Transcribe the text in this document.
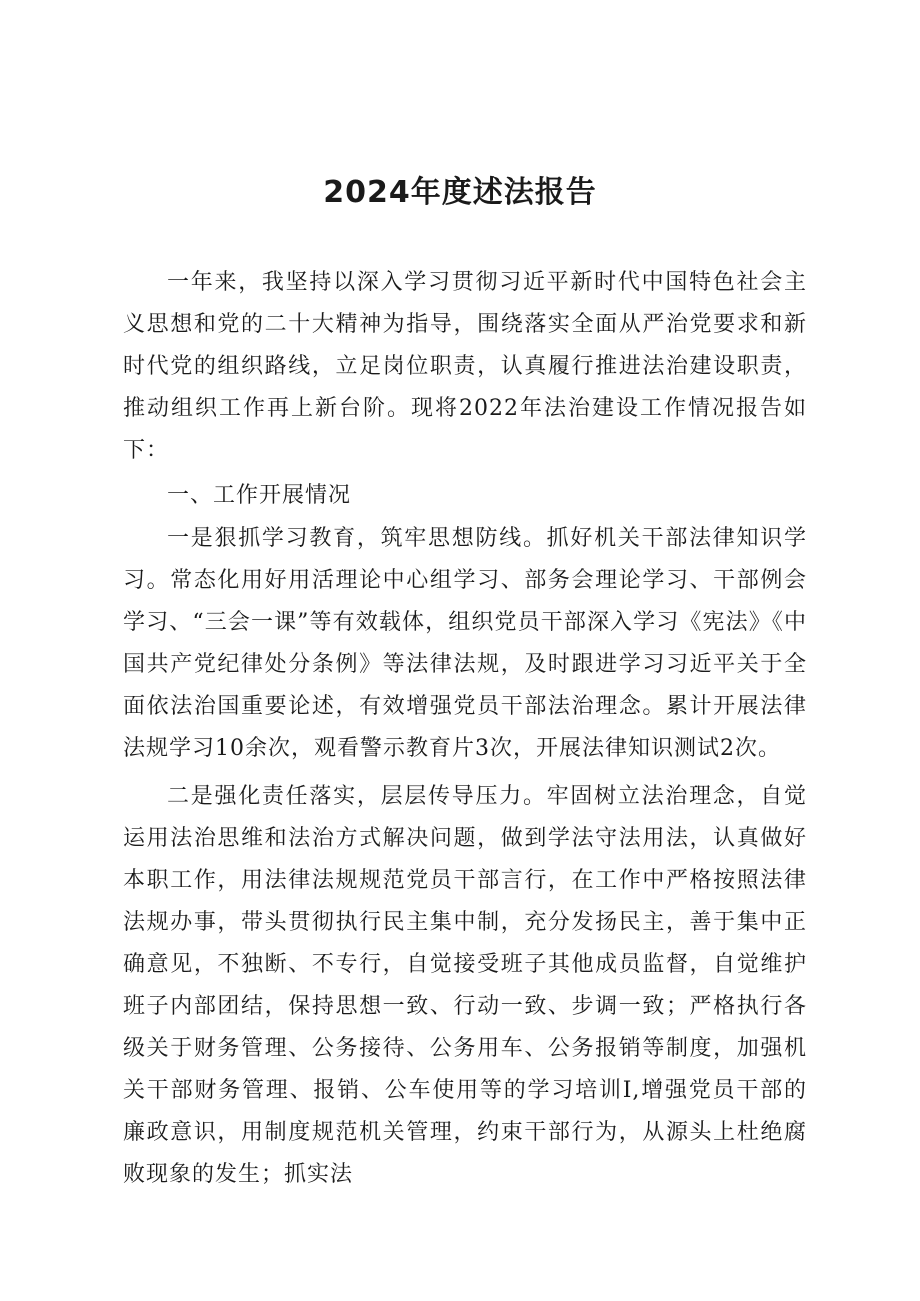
2024年度述法报告

一年来，我坚持以深入学习贯彻习近平新时代中国特色社会主义思想和党的二十大精神为指导，围绕落实全面从严治党要求和新时代党的组织路线，立足岗位职责，认真履行推进法治建设职责，推动组织工作再上新台阶。现将2022年法治建设工作情况报告如下：

一、工作开展情况

一是狠抓学习教育，筑牢思想防线。抓好机关干部法律知识学习。常态化用好用活理论中心组学习、部务会理论学习、干部例会学习、“三会一课”等有效载体，组织党员干部深入学习《宪法》《中国共产党纪律处分条例》等法律法规，及时跟进学习习近平关于全面依法治国重要论述，有效增强党员干部法治理念。累计开展法律法规学习10余次，观看警示教育片3次，开展法律知识测试2次。

二是强化责任落实，层层传导压力。牢固树立法治理念，自觉运用法治思维和法治方式解决问题，做到学法守法用法，认真做好本职工作，用法律法规规范党员干部言行，在工作中严格按照法律法规办事，带头贯彻执行民主集中制，充分发扬民主，善于集中正确意见，不独断、不专行，自觉接受班子其他成员监督，自觉维护班子内部团结，保持思想一致、行动一致、步调一致；严格执行各级关于财务管理、公务接待、公务用车、公务报销等制度，加强机关干部财务管理、报销、公车使用等的学习培训I,增强党员干部的廉政意识，用制度规范机关管理，约束干部行为，从源头上杜绝腐败现象的发生；抓实法
